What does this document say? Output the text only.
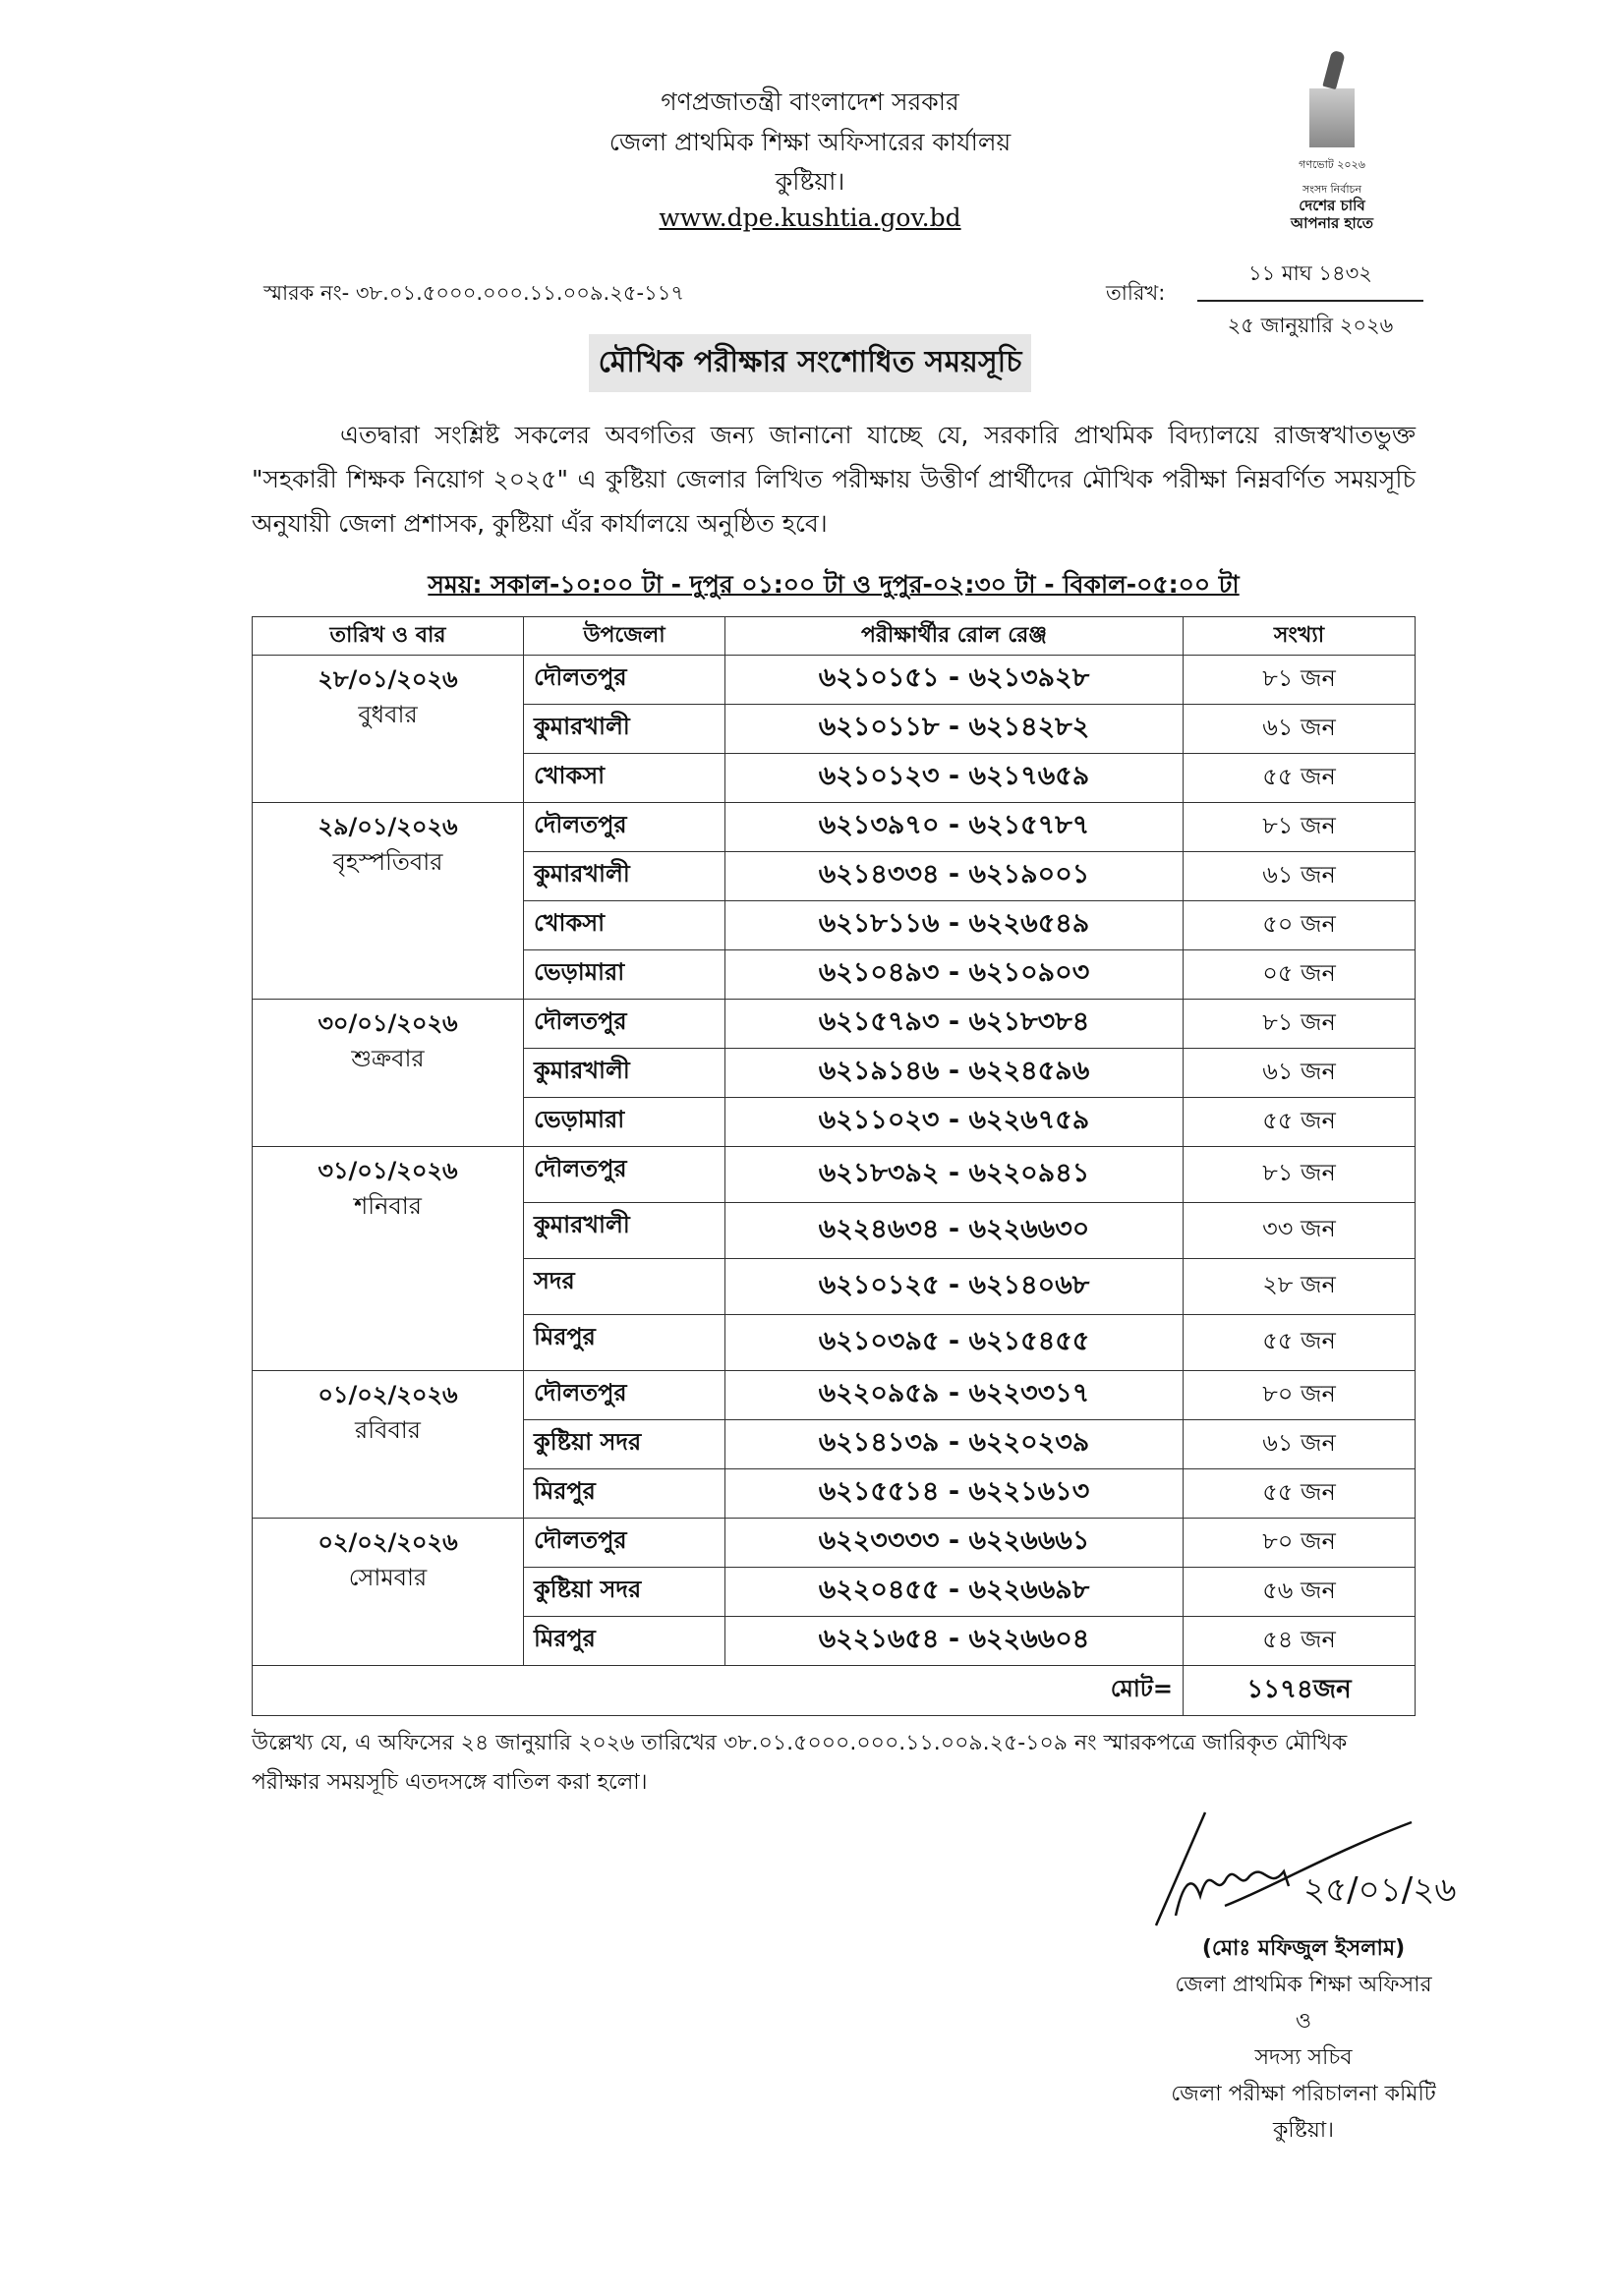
গণপ্রজাতন্ত্রী বাংলাদেশ সরকার
জেলা প্রাথমিক শিক্ষা অফিসারের কার্যালয়
কুষ্টিয়া।
www.dpe.kushtia.gov.bd
গণভোট ২০২৬
সংসদ নির্বাচন
দেশের চাবি
আপনার হাতে
স্মারক নং- ৩৮.০১.৫০০০.০০০.১১.০০৯.২৫-১১৭	তারিখ:
১১ মাঘ ১৪৩২
২৫ জানুয়ারি ২০২৬
মৌখিক পরীক্ষার সংশোধিত সময়সূচি
এতদ্বারা সংশ্লিষ্ট সকলের অবগতির জন্য জানানো যাচ্ছে যে, সরকারি প্রাথমিক বিদ্যালয়ে রাজস্বখাতভুক্ত "সহকারী শিক্ষক নিয়োগ ২০২৫" এ কুষ্টিয়া জেলার লিখিত পরীক্ষায় উত্তীর্ণ প্রার্থীদের মৌখিক পরীক্ষা নিম্নবর্ণিত সময়সূচি অনুযায়ী জেলা প্রশাসক, কুষ্টিয়া এঁর কার্যালয়ে অনুষ্ঠিত হবে।
সময়: সকাল-১০:০০ টা - দুপুর ০১:০০ টা ও দুপুর-০২:৩০ টা - বিকাল-০৫:০০ টা
তারিখ ও বার	উপজেলা	পরীক্ষার্থীর রোল রেঞ্জ	সংখ্যা

২৮/০১/২০২৬
বুধবার	দৌলতপুর	৬২১০১৫১ - ৬২১৩৯২৮	৮১ জন
	কুমারখালী	৬২১০১১৮ - ৬২১৪২৮২	৬১ জন
	খোকসা	৬২১০১২৩ - ৬২১৭৬৫৯	৫৫ জন

২৯/০১/২০২৬
বৃহস্পতিবার	দৌলতপুর	৬২১৩৯৭০ - ৬২১৫৭৮৭	৮১ জন
	কুমারখালী	৬২১৪৩৩৪ - ৬২১৯০০১	৬১ জন
	খোকসা	৬২১৮১১৬ - ৬২২৬৫৪৯	৫০ জন
	ভেড়ামারা	৬২১০৪৯৩ - ৬২১০৯০৩	০৫ জন

৩০/০১/২০২৬
শুক্রবার	দৌলতপুর	৬২১৫৭৯৩ - ৬২১৮৩৮৪	৮১ জন
	কুমারখালী	৬২১৯১৪৬ - ৬২২৪৫৯৬	৬১ জন
	ভেড়ামারা	৬২১১০২৩ - ৬২২৬৭৫৯	৫৫ জন

৩১/০১/২০২৬
শনিবার	দৌলতপুর	৬২১৮৩৯২ - ৬২২০৯৪১	৮১ জন
	কুমারখালী	৬২২৪৬৩৪ - ৬২২৬৬৩০	৩৩ জন
	সদর	৬২১০১২৫ - ৬২১৪০৬৮	২৮ জন
	মিরপুর	৬২১০৩৯৫ - ৬২১৫৪৫৫	৫৫ জন

০১/০২/২০২৬
রবিবার	দৌলতপুর	৬২২০৯৫৯ - ৬২২৩৩১৭	৮০ জন
	কুষ্টিয়া সদর	৬২১৪১৩৯ - ৬২২০২৩৯	৬১ জন
	মিরপুর	৬২১৫৫১৪ - ৬২২১৬১৩	৫৫ জন

০২/০২/২০২৬
সোমবার	দৌলতপুর	৬২২৩৩৩৩ - ৬২২৬৬৬১	৮০ জন
	কুষ্টিয়া সদর	৬২২০৪৫৫ - ৬২২৬৬৯৮	৫৬ জন
	মিরপুর	৬২২১৬৫৪ - ৬২২৬৬০৪	৫৪ জন
মোট=			১১৭৪জন
উল্লেখ্য যে, এ অফিসের ২৪ জানুয়ারি ২০২৬ তারিখের ৩৮.০১.৫০০০.০০০.১১.০০৯.২৫-১০৯ নং স্মারকপত্রে জারিকৃত মৌখিক পরীক্ষার সময়সূচি এতদসঙ্গে বাতিল করা হলো।
২৫/০১/২৬
(মোঃ মফিজুল ইসলাম)
জেলা প্রাথমিক শিক্ষা অফিসার
ও
সদস্য সচিব
জেলা পরীক্ষা পরিচালনা কমিটি
কুষ্টিয়া।
